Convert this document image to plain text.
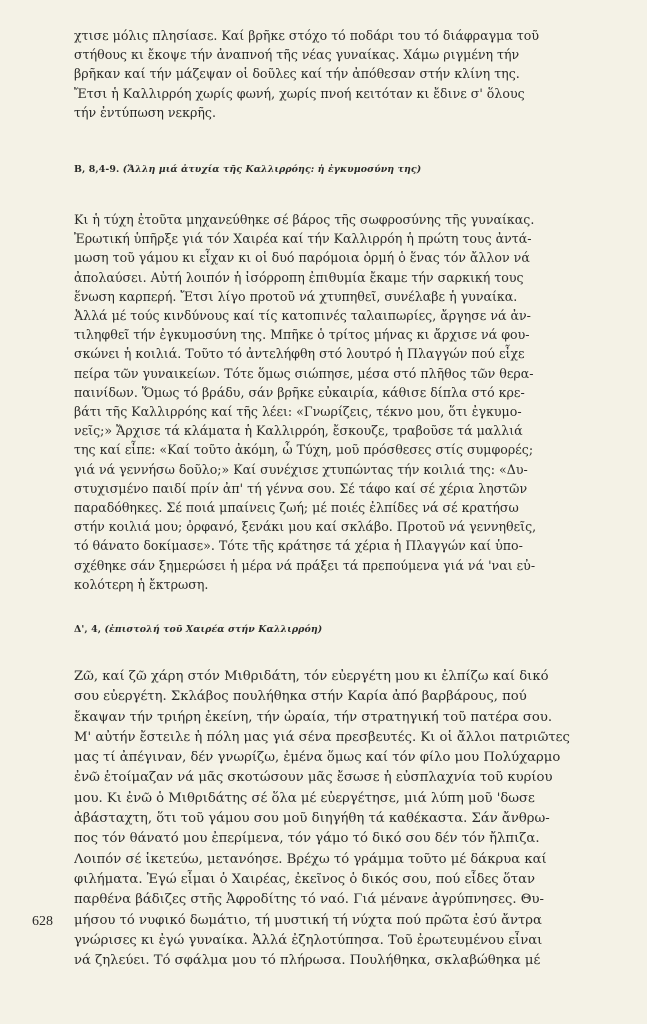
χτισε μόλις πλησίασε. Καί βρῆκε στόχο τό ποδάρι του τό διάφραγμα τοῦ
στήθους κι ἔκοψε τήν ἀναπνοή τῆς νέας γυναίκας. Χάμω ριγμένη τήν
βρῆκαν καί τήν μάζεψαν οἱ δοῦλες καί τήν ἀπόθεσαν στήν κλίνη της.
Ἔτσι ἡ Καλλιρρόη χωρίς φωνή, χωρίς πνοή κειτόταν κι ἔδινε σ' ὅλους
τήν ἐντύπωση νεκρῆς.

B, 8,4-9. (Ἄλλη μιά ἀτυχία τῆς Καλλιρρόης: ἡ ἐγκυμοσύνη της)

Κι ἡ τύχη ἐτοῦτα μηχανεύθηκε σέ βάρος τῆς σωφροσύνης τῆς γυναίκας.
Ἐρωτική ὑπῆρξε γιά τόν Χαιρέα καί τήν Καλλιρρόη ἡ πρώτη τους ἀντά-
μωση τοῦ γάμου κι εἶχαν κι οἱ δυό παρόμοια ὁρμή ὁ ἕνας τόν ἄλλον νά
ἀπολαύσει. Αὐτή λοιπόν ἡ ἰσόρροπη ἐπιθυμία ἔκαμε τήν σαρκική τους
ἕνωση καρπερή. Ἔτσι λίγο προτοῦ νά χτυπηθεῖ, συνέλαβε ἡ γυναίκα.
Ἀλλά μέ τούς κινδύνους καί τίς κατοπινές ταλαιπωρίες, ἄργησε νά ἀν-
τιληφθεῖ τήν ἐγκυμοσύνη της. Μπῆκε ὁ τρίτος μήνας κι ἄρχισε νά φου-
σκώνει ἡ κοιλιά. Τοῦτο τό ἀντελήφθη στό λουτρό ἡ Πλαγγών πού εἶχε
πείρα τῶν γυναικείων. Τότε ὅμως σιώπησε, μέσα στό πλῆθος τῶν θερα-
παινίδων. Ὅμως τό βράδυ, σάν βρῆκε εὐκαιρία, κάθισε δίπλα στό κρε-
βάτι τῆς Καλλιρρόης καί τῆς λέει: «Γνωρίζεις, τέκνο μου, ὅτι ἐγκυμο-
νεῖς;» Ἄρχισε τά κλάματα ἡ Καλλιρρόη, ἔσκουζε, τραβοῦσε τά μαλλιά
της καί εἶπε: «Καί τοῦτο ἀκόμη, ὦ Τύχη, μοῦ πρόσθεσες στίς συμφορές;
γιά νά γεννήσω δοῦλο;» Καί συνέχισε χτυπώντας τήν κοιλιά της: «Δυ-
στυχισμένο παιδί πρίν ἀπ' τή γέννα σου. Σέ τάφο καί σέ χέρια ληστῶν
παραδόθηκες. Σέ ποιά μπαίνεις ζωή; μέ ποιές ἐλπίδες νά σέ κρατήσω
στήν κοιλιά μου; ὀρφανό, ξενάκι μου καί σκλάβο. Προτοῦ νά γεννηθεῖς,
τό θάνατο δοκίμασε». Τότε τῆς κράτησε τά χέρια ἡ Πλαγγών καί ὑπο-
σχέθηκε σάν ξημερώσει ἡ μέρα νά πράξει τά πρεπούμενα γιά νά 'ναι εὐ-
κολότερη ἡ ἔκτρωση.

Δ', 4, (ἐπιστολή τοῦ Χαιρέα στήν Καλλιρρόη)

Ζῶ, καί ζῶ χάρη στόν Μιθριδάτη, τόν εὐεργέτη μου κι ἐλπίζω καί δικό
σου εὐεργέτη. Σκλάβος πουλήθηκα στήν Καρία ἀπό βαρβάρους, πού
ἔκαψαν τήν τριήρη ἐκείνη, τήν ὡραία, τήν στρατηγική τοῦ πατέρα σου.
Μ' αὐτήν ἔστειλε ἡ πόλη μας γιά σένα πρεσβευτές. Κι οἱ ἄλλοι πατριῶτες
μας τί ἀπέγιναν, δέν γνωρίζω, ἐμένα ὅμως καί τόν φίλο μου Πολύχαρμο
ἐνῶ ἑτοίμαζαν νά μᾶς σκοτώσουν μᾶς ἔσωσε ἡ εὐσπλαχνία τοῦ κυρίου
μου. Κι ἐνῶ ὁ Μιθριδάτης σέ ὅλα μέ εὐεργέτησε, μιά λύπη μοῦ 'δωσε
ἀβάσταχτη, ὅτι τοῦ γάμου σου μοῦ διηγήθη τά καθέκαστα. Σάν ἄνθρω-
πος τόν θάνατό μου ἐπερίμενα, τόν γάμο τό δικό σου δέν τόν ἤλπιζα.
Λοιπόν σέ ἱκετεύω, μετανόησε. Βρέχω τό γράμμα τοῦτο μέ δάκρυα καί
φιλήματα. Ἐγώ εἶμαι ὁ Χαιρέας, ἐκεῖνος ὁ δικός σου, πού εἶδες ὅταν
παρθένα βάδιζες στῆς Ἀφροδίτης τό ναό. Γιά μένανε ἀγρύπνησες. Θυ-
μήσου τό νυφικό δωμάτιο, τή μυστική τή νύχτα πού πρῶτα ἐσύ ἄντρα
γνώρισες κι ἐγώ γυναίκα. Ἀλλά ἐζηλοτύπησα. Τοῦ ἐρωτευμένου εἶναι
νά ζηλεύει. Τό σφάλμα μου τό πλήρωσα. Πουλήθηκα, σκλαβώθηκα μέ

628
